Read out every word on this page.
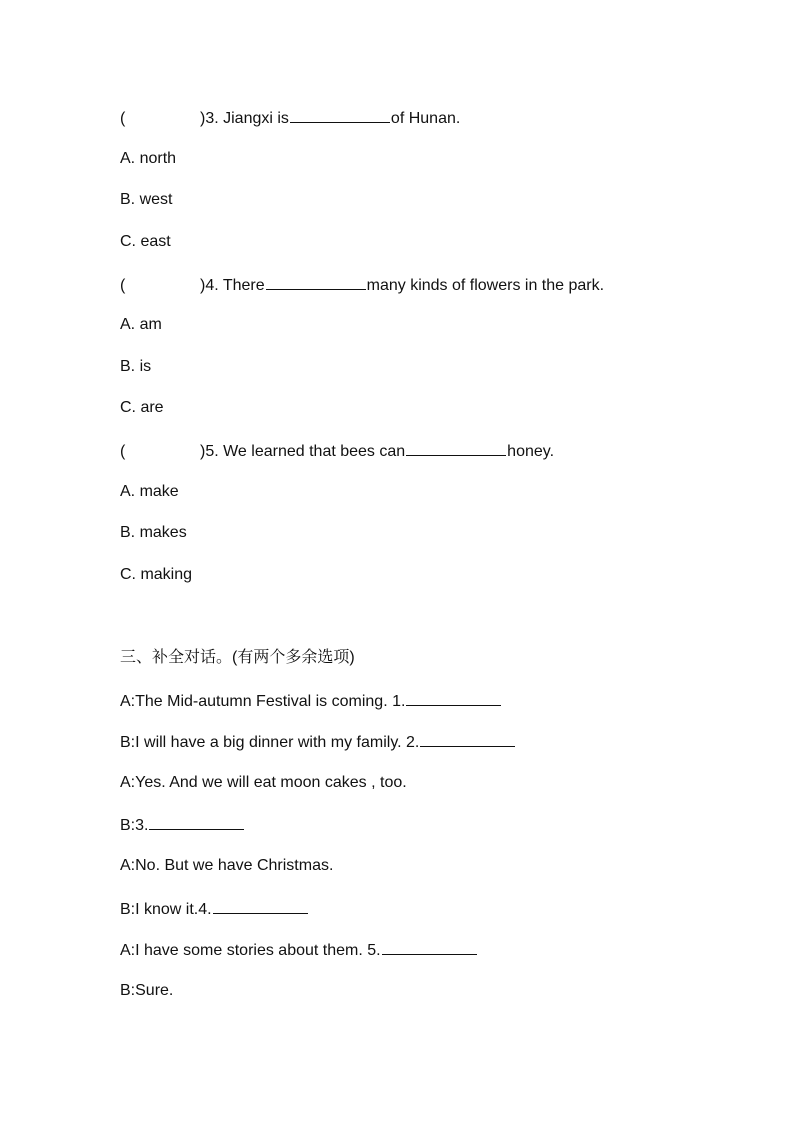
(	)3. Jiangxi is	of Hunan.
A. north
B. west
C. east
(	)4. There	many kinds of flowers in the park.
A. am
B. is
C. are
(	)5. We learned that bees can	honey.
A. make
B. makes
C. making
三、补全对话。(有两个多余选项)
A:The Mid-autumn Festival is coming. 1.
B:I will have a big dinner with my family. 2.
A:Yes. And we will eat moon cakes , too.
B:3.
A:No. But we have Christmas.
B:I know it.4.
A:I have some stories about them. 5.
B:Sure.
